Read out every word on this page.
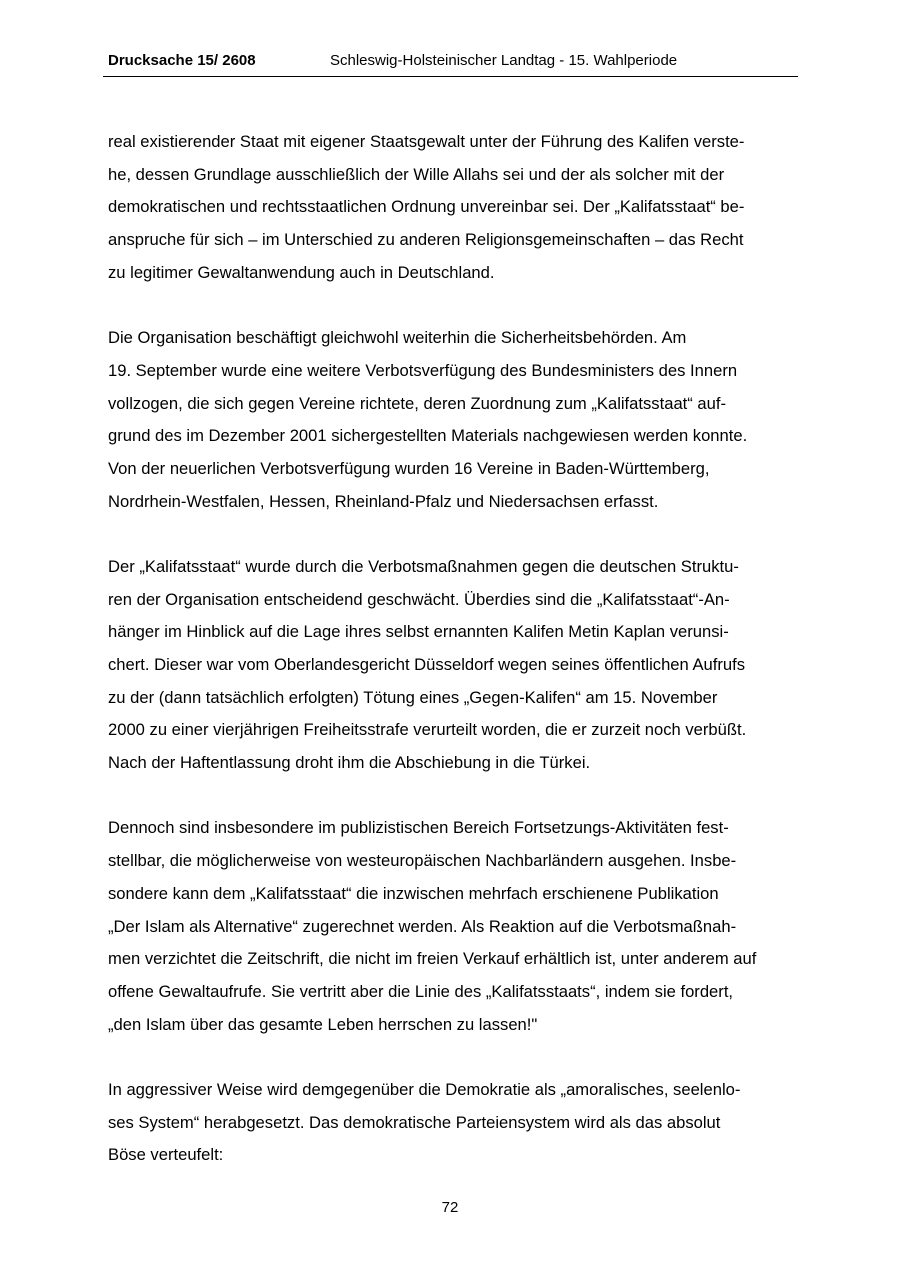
Drucksache 15/ 2608	Schleswig-Holsteinischer Landtag - 15. Wahlperiode
real existierender Staat mit eigener Staatsgewalt unter der Führung des Kalifen verste-
he, dessen Grundlage ausschließlich der Wille Allahs sei und der als solcher mit der
demokratischen und rechtsstaatlichen Ordnung unvereinbar sei. Der „Kalifatsstaat“ be-
anspruche für sich – im Unterschied zu anderen Religionsgemeinschaften – das Recht
zu legitimer Gewaltanwendung auch in Deutschland.
Die Organisation beschäftigt gleichwohl weiterhin die Sicherheitsbehörden. Am
19. September wurde eine weitere Verbotsverfügung des Bundesministers des Innern
vollzogen, die sich gegen Vereine richtete, deren Zuordnung zum „Kalifatsstaat“ auf-
grund des im Dezember 2001 sichergestellten Materials nachgewiesen werden konnte.
Von der neuerlichen Verbotsverfügung wurden 16 Vereine in Baden-Württemberg,
Nordrhein-Westfalen, Hessen, Rheinland-Pfalz und Niedersachsen erfasst.
Der „Kalifatsstaat“ wurde durch die Verbotsmaßnahmen gegen die deutschen Struktu-
ren der Organisation entscheidend geschwächt. Überdies sind die „Kalifatsstaat“-An-
hänger im Hinblick auf die Lage ihres selbst ernannten Kalifen Metin Kaplan verunsi-
chert. Dieser war vom Oberlandesgericht Düsseldorf wegen seines öffentlichen Aufrufs
zu der (dann tatsächlich erfolgten) Tötung eines „Gegen-Kalifen“ am 15. November
2000 zu einer vierjährigen Freiheitsstrafe verurteilt worden, die er zurzeit noch verbüßt.
Nach der Haftentlassung droht ihm die Abschiebung in die Türkei.
Dennoch sind insbesondere im publizistischen Bereich Fortsetzungs-Aktivitäten fest-
stellbar, die möglicherweise von westeuropäischen Nachbarländern ausgehen. Insbe-
sondere kann dem „Kalifatsstaat“ die inzwischen mehrfach erschienene Publikation
„Der Islam als Alternative“ zugerechnet werden. Als Reaktion auf die Verbotsmaßnah-
men verzichtet die Zeitschrift, die nicht im freien Verkauf erhältlich ist, unter anderem auf
offene Gewaltaufrufe. Sie vertritt aber die Linie des „Kalifatsstaats“, indem sie fordert,
„den Islam über das gesamte Leben herrschen zu lassen!"
In aggressiver Weise wird demgegenüber die Demokratie als „amoralisches, seelenlo-
ses System“ herabgesetzt. Das demokratische Parteiensystem wird als das absolut
Böse verteufelt:
72
